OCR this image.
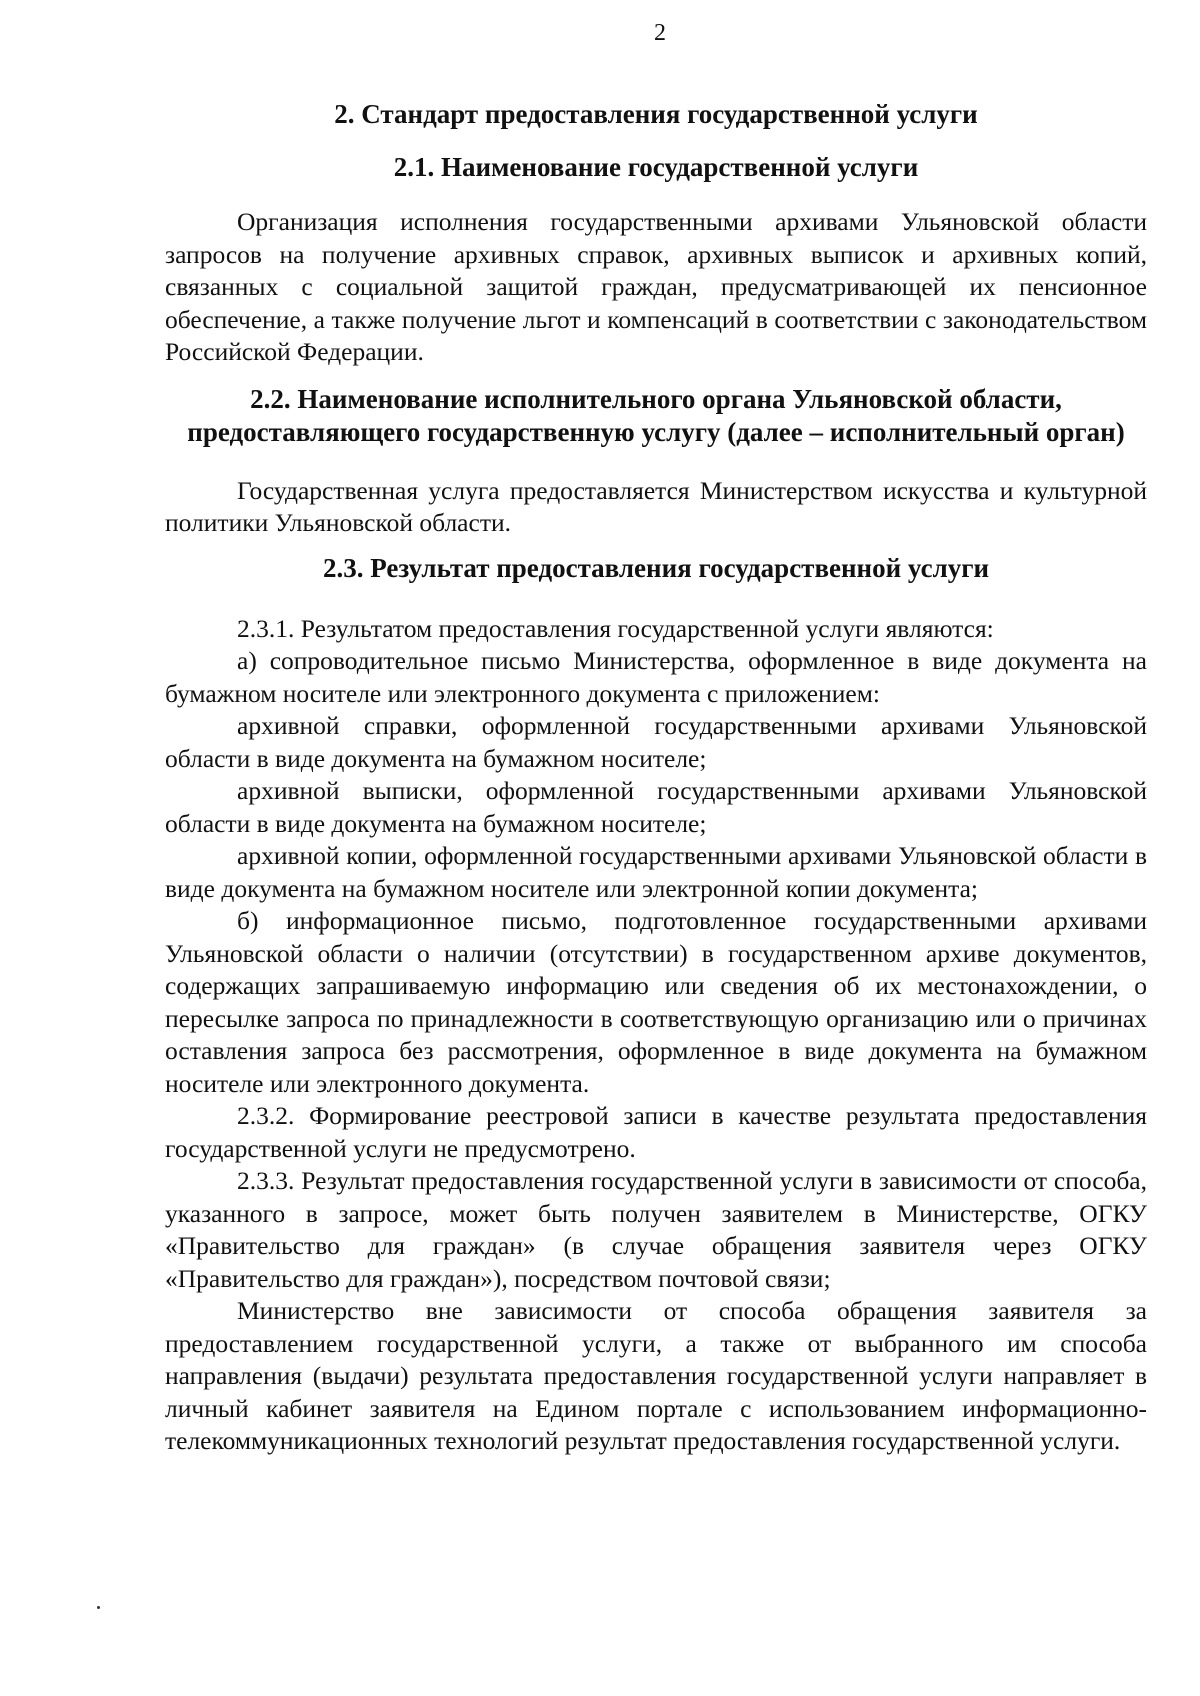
2
2. Стандарт предоставления государственной услуги
2.1. Наименование государственной услуги

Организация исполнения государственными архивами Ульяновской области запросов на получение архивных справок, архивных выписок и архивных копий, связанных с социальной защитой граждан, предусматривающей их пенсионное обеспечение, а также получение льгот и компенсаций в соответствии с законодательством Российской Федерации.

2.2. Наименование исполнительного органа Ульяновской области, предоставляющего государственную услугу (далее – исполнительный орган)

Государственная услуга предоставляется Министерством искусства и культурной политики Ульяновской области.

2.3. Результат предоставления государственной услуги

2.3.1. Результатом предоставления государственной услуги являются:

а) сопроводительное письмо Министерства, оформленное в виде документа на бумажном носителе или электронного документа с приложением:

архивной справки, оформленной государственными архивами Ульяновской области в виде документа на бумажном носителе;

архивной выписки, оформленной государственными архивами Ульяновской области в виде документа на бумажном носителе;

архивной копии, оформленной государственными архивами Ульяновской области в виде документа на бумажном носителе или электронной копии документа;

б) информационное письмо, подготовленное государственными архивами Ульяновской области о наличии (отсутствии) в государственном архиве документов, содержащих запрашиваемую информацию или сведения об их местонахождении, о пересылке запроса по принадлежности в соответствующую организацию или о причинах оставления запроса без рассмотрения, оформленное в виде документа на бумажном носителе или электронного документа.

2.3.2. Формирование реестровой записи в качестве результата предоставления государственной услуги не предусмотрено.

2.3.3. Результат предоставления государственной услуги в зависимости от способа, указанного в запросе, может быть получен заявителем в Министерстве, ОГКУ «Правительство для граждан» (в случае обращения заявителя через ОГКУ «Правительство для граждан»), посредством почтовой связи;

Министерство вне зависимости от способа обращения заявителя за предоставлением государственной услуги, а также от выбранного им способа направления (выдачи) результата предоставления государственной услуги направляет в личный кабинет заявителя на Едином портале с использованием информационно-телекоммуникационных технологий результат предоставления государственной услуги.
